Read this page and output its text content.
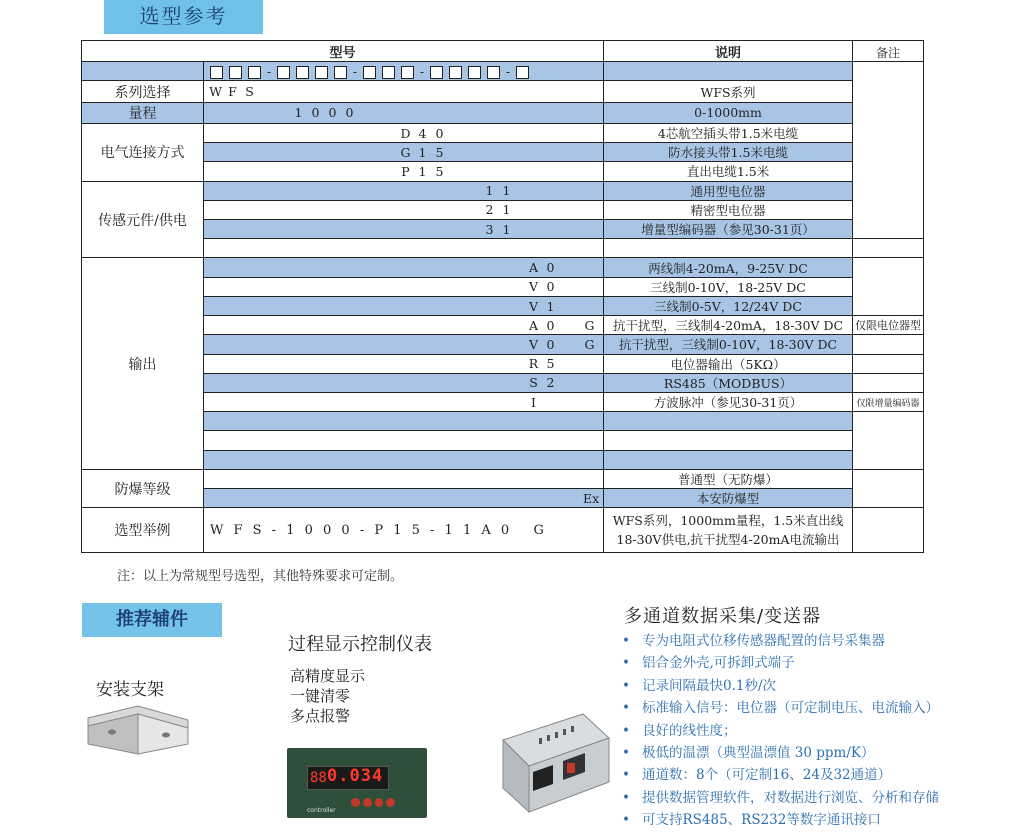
选型参考
型号		说明	备注
	- - - -		
系列选择	W F S	WFS系列	
量程	1 0 0 0	0-1000mm	
电气连接方式	D 4 0	4芯航空插头带1.5米电缆	
	G 1 5	防水接头带1.5米电缆	
	P 1 5	直出电缆1.5米	
传感元件/供电	1 1	通用型电位器	
	2 1	精密型电位器	
	3 1	增量型编码器（参见30-31页）	

输出	A 0	两线制4-20mA，9-25V DC	
	V 0	三线制0-10V，18-25V DC	
	V 1	三线制0-5V，12/24V DC	
	A 0 G	抗干扰型，三线制4-20mA，18-30V DC	仅限电位器型
	V 0 G	抗干扰型，三线制0-10V，18-30V DC	
	R 5	电位器输出（5KΩ）	
	S 2	RS485（MODBUS）	
	I	方波脉冲（参见30-31页）	仅限增量编码器

防爆等级		普通型（无防爆）	
	Ex	本安防爆型	
选型举例	W F S - 1 0 0 0 - P 1 5 - 1 1 A 0   G	WFS系列，1000mm量程，1.5米直出线
18-30V供电,抗干扰型4-20mA电流输出	
注：以上为常规型号选型，其他特殊要求可定制。
推荐辅件
安装支架
过程显示控制仪表
高精度显示
一键清零
多点报警
0.034
88
controller
多通道数据采集/变送器
• 专为电阻式位移传感器配置的信号采集器
• 铝合金外壳,可拆卸式端子
• 记录间隔最快0.1秒/次
• 标准输入信号：电位器（可定制电压、电流输入）
• 良好的线性度；
• 极低的温漂（典型温漂值 30 ppm/K）
• 通道数：8个（可定制16、24及32通道）
• 提供数据管理软件，对数据进行浏览、分析和存储
• 可支持RS485、RS232等数字通讯接口
